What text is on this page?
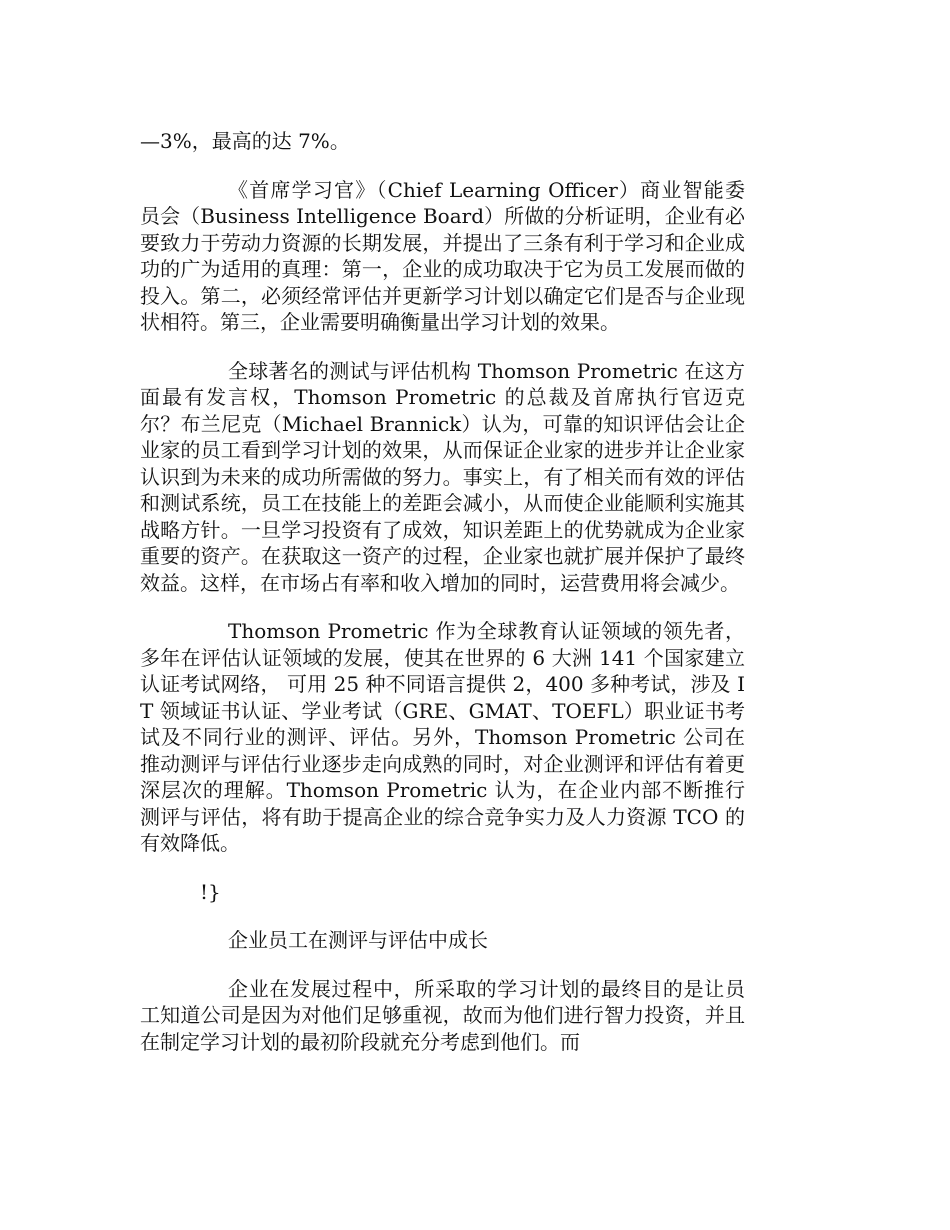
—3%，最高的达 7%。

《首席学习官》（Chief Learning Officer）商业智能委员会（Business Intelligence Board）所做的分析证明，企业有必要致力于劳动力资源的长期发展，并提出了三条有利于学习和企业成功的广为适用的真理：第一，企业的成功取决于它为员工发展而做的投入。第二，必须经常评估并更新学习计划以确定它们是否与企业现状相符。第三，企业需要明确衡量出学习计划的效果。

全球著名的测试与评估机构 Thomson Prometric 在这方面最有发言权，Thomson Prometric 的总裁及首席执行官迈克尔？布兰尼克（Michael Brannick）认为，可靠的知识评估会让企业家的员工看到学习计划的效果，从而保证企业家的进步并让企业家认识到为未来的成功所需做的努力。事实上，有了相关而有效的评估和测试系统，员工在技能上的差距会减小，从而使企业能顺利实施其战略方针。一旦学习投资有了成效，知识差距上的优势就成为企业家重要的资产。在获取这一资产的过程，企业家也就扩展并保护了最终效益。这样，在市场占有率和收入增加的同时，运营费用将会减少。

Thomson Prometric 作为全球教育认证领域的领先者，多年在评估认证领域的发展，使其在世界的 6 大洲 141 个国家建立认证考试网络， 可用 25 种不同语言提供 2，400 多种考试，涉及 IT 领域证书认证、学业考试（GRE、GMAT、TOEFL）职业证书考试及不同行业的测评、评估。另外，Thomson Prometric 公司在推动测评与评估行业逐步走向成熟的同时，对企业测评和评估有着更深层次的理解。Thomson Prometric 认为，在企业内部不断推行测评与评估，将有助于提高企业的综合竞争实力及人力资源 TCO 的有效降低。

!}

企业员工在测评与评估中成长

企业在发展过程中，所采取的学习计划的最终目的是让员工知道公司是因为对他们足够重视，故而为他们进行智力投资，并且在制定学习计划的最初阶段就充分考虑到他们。而
